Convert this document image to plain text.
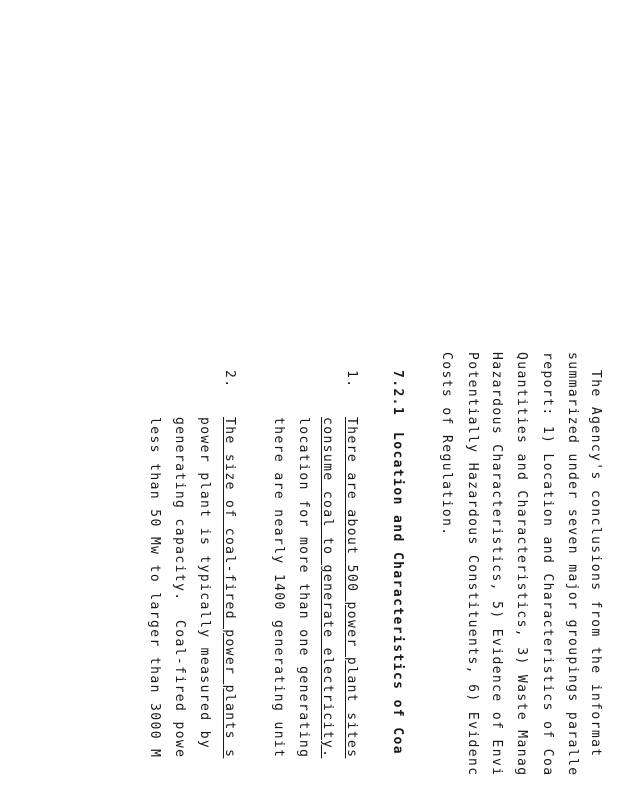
The Agency's conclusions from the informat
summarized under seven major groupings paralle
report: 1) Location and Characteristics of Coa
Quantities and Characteristics, 3) Waste Manag
Hazardous Characteristics, 5) Evidence of Envi
Potentially Hazardous Constituents, 6) Evidenc
Costs of Regulation.
7.2.1
Location and Characteristics of Coa
1.
There are about 500 power plant sites
consume coal to generate electricity.
location for more than one generating
there are nearly 1400 generating unit
2.
The size of coal-fired power plants s
power plant is typically measured by
generating capacity.  Coal-fired powe
less than 50 Mw to larger than 3000 M
